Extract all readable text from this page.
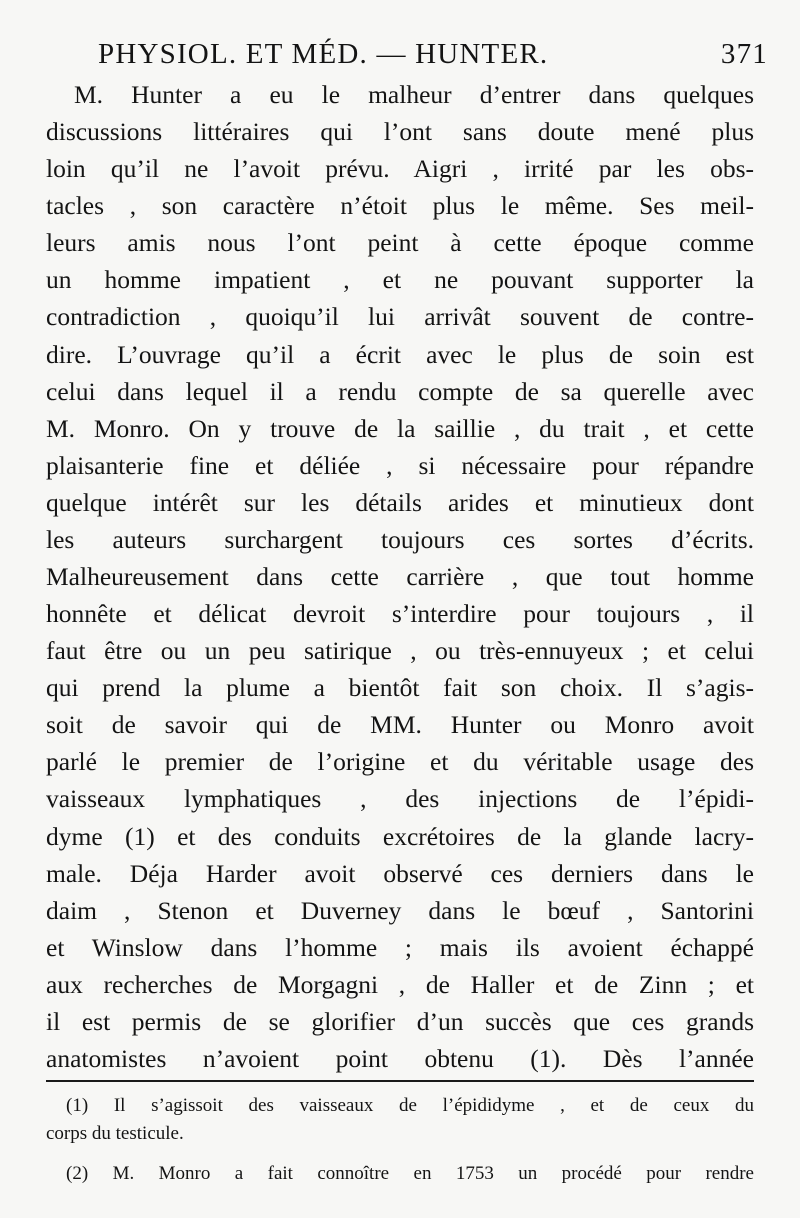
PHYSIOL. ET MÉD. — HUNTER.	371
M. Hunter a eu le malheur d’entrer dans quelques
discussions littéraires qui l’ont sans doute mené plus
loin qu’il ne l’avoit prévu. Aigri , irrité par les obs-
tacles , son caractère n’étoit plus le même. Ses meil-
leurs amis nous l’ont peint à cette époque comme
un homme impatient , et ne pouvant supporter la
contradiction , quoiqu’il lui arrivât souvent de contre-
dire. L’ouvrage qu’il a écrit avec le plus de soin est
celui dans lequel il a rendu compte de sa querelle avec
M. Monro. On y trouve de la saillie , du trait , et cette
plaisanterie fine et déliée , si nécessaire pour répandre
quelque intérêt sur les détails arides et minutieux dont
les auteurs surchargent toujours ces sortes d’écrits.
Malheureusement dans cette carrière , que tout homme
honnête et délicat devroit s’interdire pour toujours , il
faut être ou un peu satirique , ou très-ennuyeux ; et celui
qui prend la plume a bientôt fait son choix. Il s’agis-
soit de savoir qui de MM. Hunter ou Monro avoit
parlé le premier de l’origine et du véritable usage des
vaisseaux lymphatiques , des injections de l’épidi-
dyme (1) et des conduits excrétoires de la glande lacry-
male. Déja Harder avoit observé ces derniers dans le
daim , Stenon et Duverney dans le bœuf , Santorini
et Winslow dans l’homme ; mais ils avoient échappé
aux recherches de Morgagni , de Haller et de Zinn ; et
il est permis de se glorifier d’un succès que ces grands
anatomistes n’avoient point obtenu (1). Dès l’année
(1) Il s’agissoit des vaisseaux de l’épididyme , et de ceux du
corps du testicule.
(2) M. Monro a fait connoître en 1753 un procédé pour rendre
